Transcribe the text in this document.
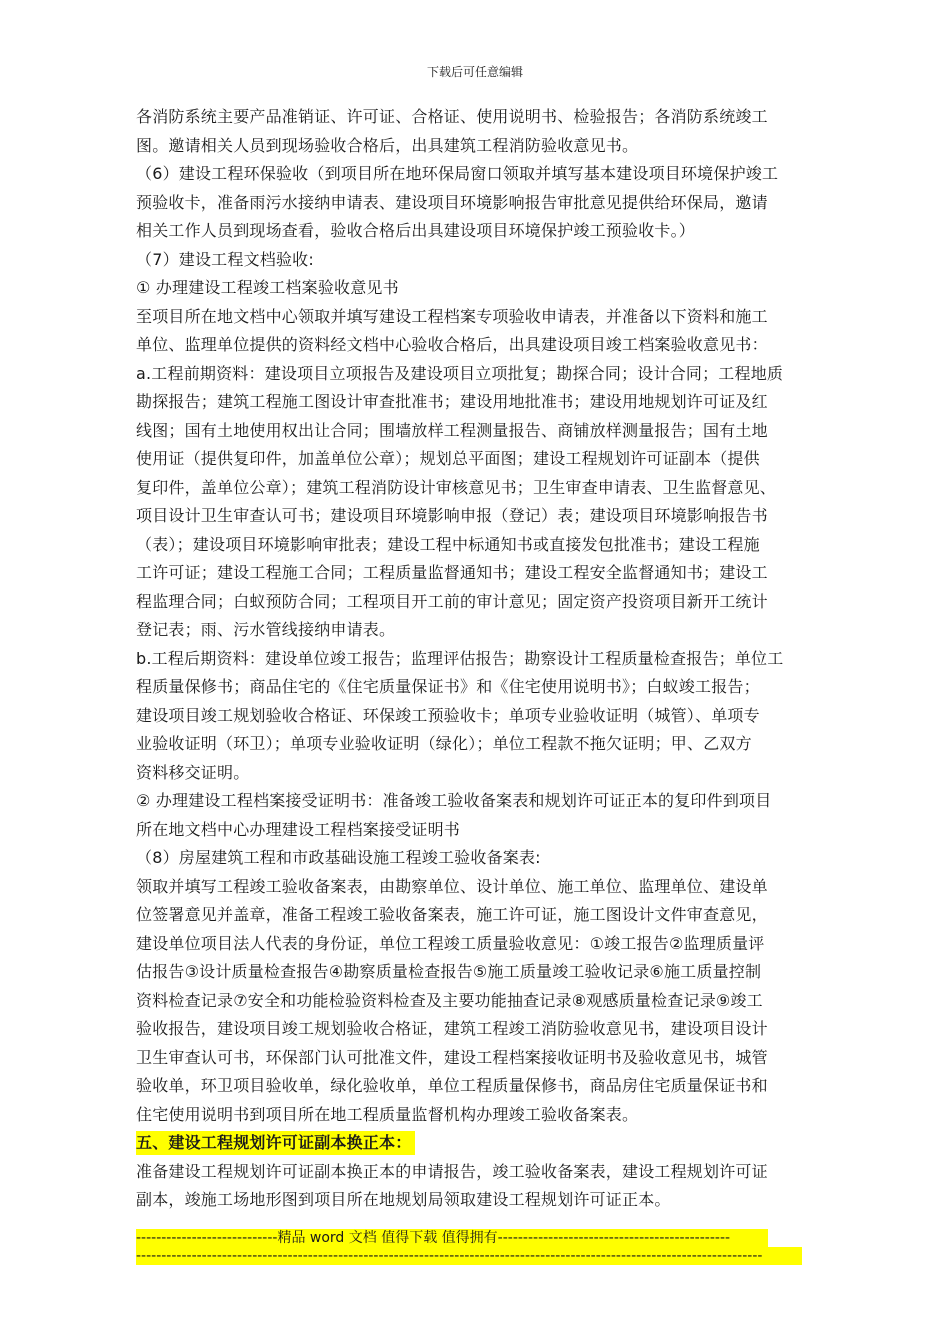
下载后可任意编辑
各消防系统主要产品准销证、许可证、合格证、使用说明书、检验报告；各消防系统竣工
图。邀请相关人员到现场验收合格后，出具建筑工程消防验收意见书。
（6）建设工程环保验收（到项目所在地环保局窗口领取并填写基本建设项目环境保护竣工
预验收卡，准备雨污水接纳申请表、建设项目环境影响报告审批意见提供给环保局，邀请
相关工作人员到现场查看，验收合格后出具建设项目环境保护竣工预验收卡。）
（7）建设工程文档验收:
① 办理建设工程竣工档案验收意见书
至项目所在地文档中心领取并填写建设工程档案专项验收申请表，并准备以下资料和施工
单位、监理单位提供的资料经文档中心验收合格后，出具建设项目竣工档案验收意见书：
a.工程前期资料：建设项目立项报告及建设项目立项批复；勘探合同；设计合同；工程地质
勘探报告；建筑工程施工图设计审查批准书；建设用地批准书；建设用地规划许可证及红
线图；国有土地使用权出让合同；围墙放样工程测量报告、商铺放样测量报告；国有土地
使用证（提供复印件，加盖单位公章）；规划总平面图；建设工程规划许可证副本（提供
复印件，盖单位公章）；建筑工程消防设计审核意见书；卫生审查申请表、卫生监督意见、
项目设计卫生审查认可书；建设项目环境影响申报（登记）表；建设项目环境影响报告书
（表）；建设项目环境影响审批表；建设工程中标通知书或直接发包批准书；建设工程施
工许可证；建设工程施工合同；工程质量监督通知书；建设工程安全监督通知书；建设工
程监理合同；白蚁预防合同；工程项目开工前的审计意见；固定资产投资项目新开工统计
登记表；雨、污水管线接纳申请表。
b.工程后期资料：建设单位竣工报告；监理评估报告；勘察设计工程质量检查报告；单位工
程质量保修书；商品住宅的《住宅质量保证书》和《住宅使用说明书》；白蚁竣工报告；
建设项目竣工规划验收合格证、环保竣工预验收卡；单项专业验收证明（城管）、单项专
业验收证明（环卫）；单项专业验收证明（绿化）；单位工程款不拖欠证明；甲、乙双方
资料移交证明。
② 办理建设工程档案接受证明书：准备竣工验收备案表和规划许可证正本的复印件到项目
所在地文档中心办理建设工程档案接受证明书
（8）房屋建筑工程和市政基础设施工程竣工验收备案表:
领取并填写工程竣工验收备案表，由勘察单位、设计单位、施工单位、监理单位、建设单
位签署意见并盖章，准备工程竣工验收备案表，施工许可证，施工图设计文件审查意见，
建设单位项目法人代表的身份证，单位工程竣工质量验收意见：①竣工报告②监理质量评
估报告③设计质量检查报告④勘察质量检查报告⑤施工质量竣工验收记录⑥施工质量控制
资料检查记录⑦安全和功能检验资料检查及主要功能抽查记录⑧观感质量检查记录⑨竣工
验收报告，建设项目竣工规划验收合格证，建筑工程竣工消防验收意见书，建设项目设计
卫生审查认可书，环保部门认可批准文件，建设工程档案接收证明书及验收意见书，城管
验收单，环卫项目验收单，绿化验收单，单位工程质量保修书，商品房住宅质量保证书和
住宅使用说明书到项目所在地工程质量监督机构办理竣工验收备案表。
五、建设工程规划许可证副本换正本：
准备建设工程规划许可证副本换正本的申请报告，竣工验收备案表，建设工程规划许可证
副本，竣施工场地形图到项目所在地规划局领取建设工程规划许可证正本。
----------------------------精品 word 文档 值得下载 值得拥有----------------------------------------------
----------------------------------------------------------------------------------------------------------------------------
